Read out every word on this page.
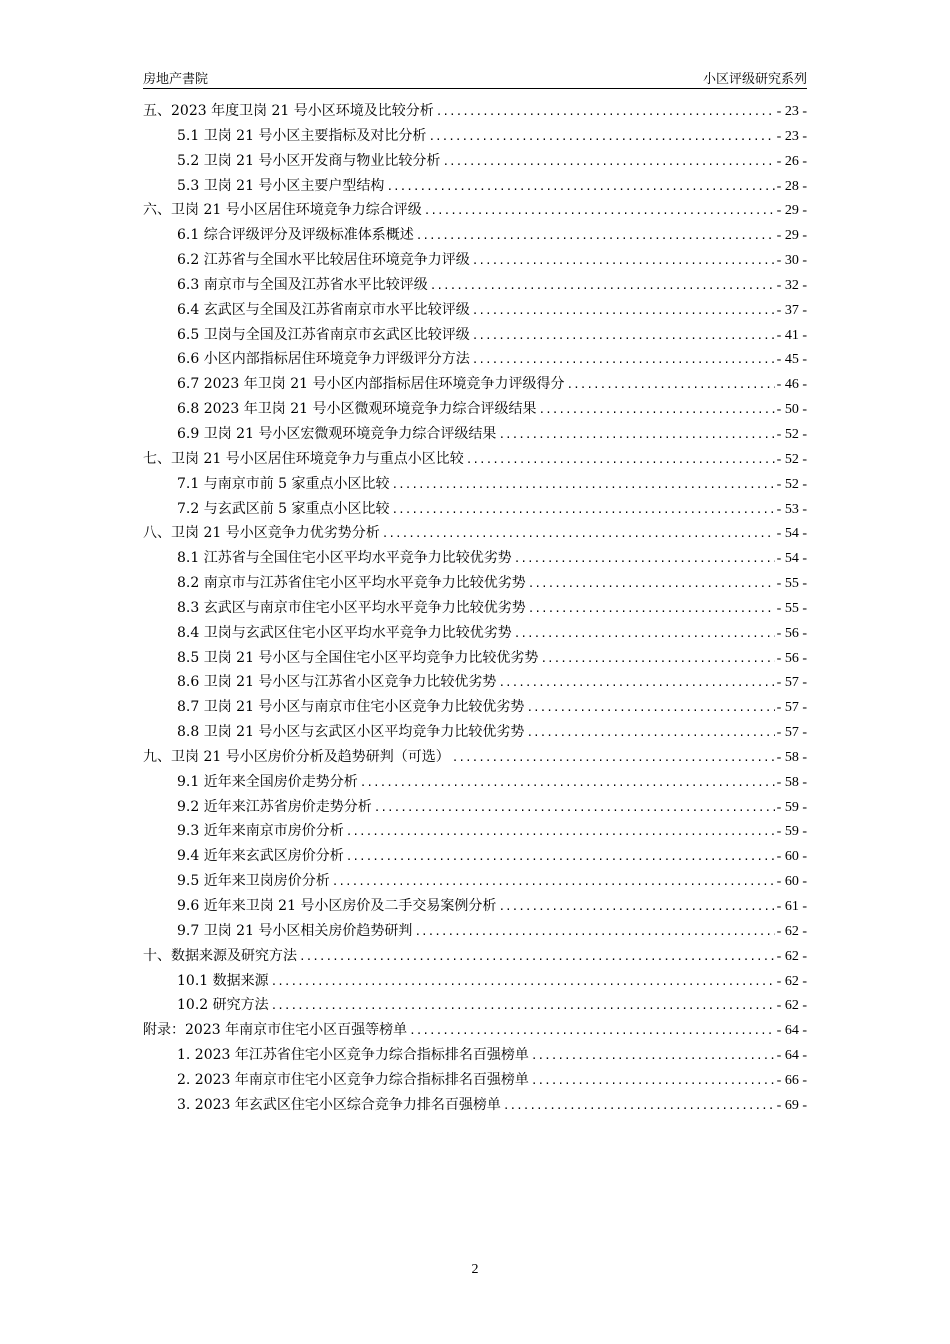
房地产書院	小区评级研究系列
五、2023 年度卫岗 21 号小区环境及比较分析 .....	- 23 -
5.1 卫岗 21 号小区主要指标及对比分析 .....	- 23 -
5.2 卫岗 21 号小区开发商与物业比较分析 .....	- 26 -
5.3 卫岗 21 号小区主要户型结构 .....	- 28 -
六、卫岗 21 号小区居住环境竞争力综合评级 .....	- 29 -
6.1 综合评级评分及评级标准体系概述 .....	- 29 -
6.2 江苏省与全国水平比较居住环境竞争力评级 .....	- 30 -
6.3 南京市与全国及江苏省水平比较评级 .....	- 32 -
6.4 玄武区与全国及江苏省南京市水平比较评级 .....	- 37 -
6.5 卫岗与全国及江苏省南京市玄武区比较评级 .....	- 41 -
6.6 小区内部指标居住环境竞争力评级评分方法 .....	- 45 -
6.7 2023 年卫岗 21 号小区内部指标居住环境竞争力评级得分 .....	- 46 -
6.8 2023 年卫岗 21 号小区微观环境竞争力综合评级结果 .....	- 50 -
6.9 卫岗 21 号小区宏微观环境竞争力综合评级结果 .....	- 52 -
七、卫岗 21 号小区居住环境竞争力与重点小区比较 .....	- 52 -
7.1 与南京市前 5 家重点小区比较 .....	- 52 -
7.2 与玄武区前 5 家重点小区比较 .....	- 53 -
八、卫岗 21 号小区竞争力优劣势分析 .....	- 54 -
8.1 江苏省与全国住宅小区平均水平竞争力比较优劣势 .....	- 54 -
8.2 南京市与江苏省住宅小区平均水平竞争力比较优劣势 .....	- 55 -
8.3 玄武区与南京市住宅小区平均水平竞争力比较优劣势 .....	- 55 -
8.4 卫岗与玄武区住宅小区平均水平竞争力比较优劣势 .....	- 56 -
8.5 卫岗 21 号小区与全国住宅小区平均竞争力比较优劣势 .....	- 56 -
8.6 卫岗 21 号小区与江苏省小区竞争力比较优劣势 .....	- 57 -
8.7 卫岗 21 号小区与南京市住宅小区竞争力比较优劣势 .....	- 57 -
8.8 卫岗 21 号小区与玄武区小区平均竞争力比较优劣势 .....	- 57 -
九、卫岗 21 号小区房价分析及趋势研判（可选） .....	- 58 -
9.1 近年来全国房价走势分析 .....	- 58 -
9.2 近年来江苏省房价走势分析 .....	- 59 -
9.3 近年来南京市房价分析 .....	- 59 -
9.4 近年来玄武区房价分析 .....	- 60 -
9.5 近年来卫岗房价分析 .....	- 60 -
9.6 近年来卫岗 21 号小区房价及二手交易案例分析 .....	- 61 -
9.7 卫岗 21 号小区相关房价趋势研判 .....	- 62 -
十、数据来源及研究方法 .....	- 62 -
10.1 数据来源 .....	- 62 -
10.2 研究方法 .....	- 62 -
附录：2023 年南京市住宅小区百强等榜单 .....	- 64 -
1. 2023 年江苏省住宅小区竞争力综合指标排名百强榜单 .....	- 64 -
2. 2023 年南京市住宅小区竞争力综合指标排名百强榜单 .....	- 66 -
3. 2023 年玄武区住宅小区综合竞争力排名百强榜单 .....	- 69 -
2
